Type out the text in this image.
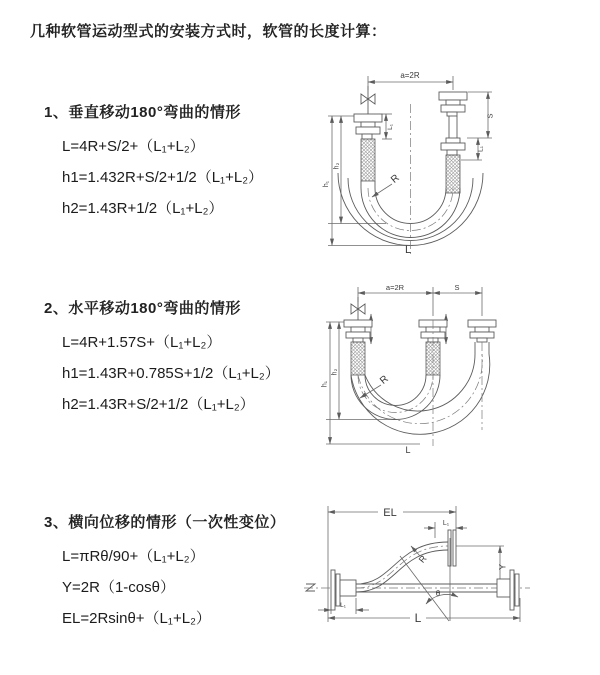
几种软管运动型式的安装方式时，软管的长度计算：
1、垂直移动180°弯曲的情形
L=4R+S/2+（L₁+L₂）
h1=1.432R+S/2+1/2（L₁+L₂）
h2=1.43R+1/2（L₁+L₂）
2、水平移动180°弯曲的情形
L=4R+1.57S+（L₁+L₂）
h1=1.43R+0.785S+1/2（L₁+L₂）
h2=1.43R+S/2+1/2（L₁+L₂）
3、横向位移的情形（一次性变位）
L=πRθ/90+（L₁+L₂）
Y=2R（1-cosθ）
EL=2Rsinθ+（L₁+L₂）
a=2R
h₁
h₂
L₁
S
L₁
R
L
a=2R	S
h₁
h₂
R
L
EL
L₁
Y
L
L₁
θ
R
